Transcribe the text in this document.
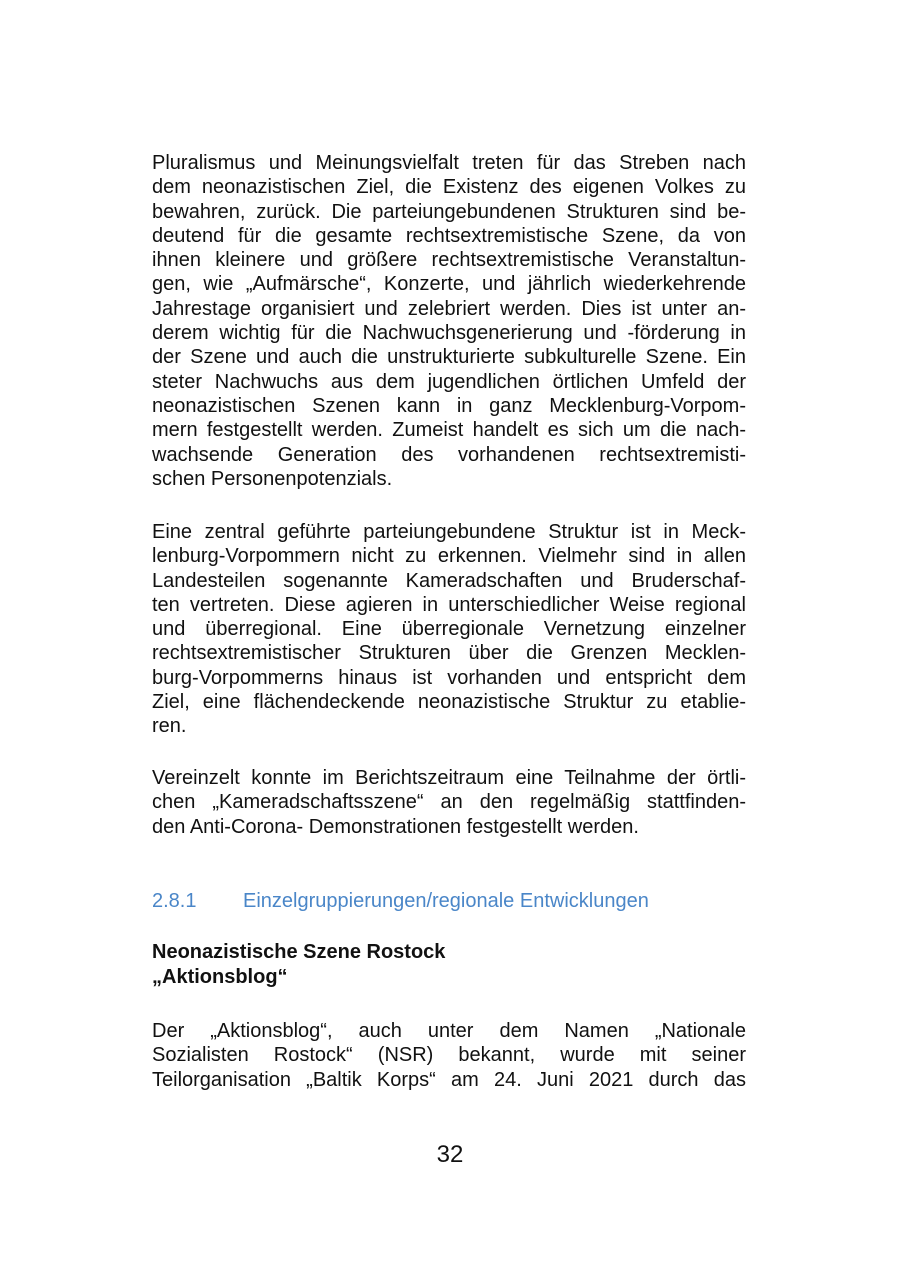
Pluralismus und Meinungsvielfalt treten für das Streben nach
dem neonazistischen Ziel, die Existenz des eigenen Volkes zu
bewahren, zurück. Die parteiungebundenen Strukturen sind be-
deutend für die gesamte rechtsextremistische Szene, da von
ihnen kleinere und größere rechtsextremistische Veranstaltun-
gen, wie „Aufmärsche“, Konzerte, und jährlich wiederkehrende
Jahrestage organisiert und zelebriert werden. Dies ist unter an-
derem wichtig für die Nachwuchsgenerierung und -förderung in
der Szene und auch die unstrukturierte subkulturelle Szene. Ein
steter Nachwuchs aus dem jugendlichen örtlichen Umfeld der
neonazistischen Szenen kann in ganz Mecklenburg-Vorpom-
mern festgestellt werden. Zumeist handelt es sich um die nach-
wachsende Generation des vorhandenen rechtsextremisti-
schen Personenpotenzials.
Eine zentral geführte parteiungebundene Struktur ist in Meck-
lenburg-Vorpommern nicht zu erkennen. Vielmehr sind in allen
Landesteilen sogenannte Kameradschaften und Bruderschaf-
ten vertreten. Diese agieren in unterschiedlicher Weise regional
und überregional. Eine überregionale Vernetzung einzelner
rechtsextremistischer Strukturen über die Grenzen Mecklen-
burg-Vorpommerns hinaus ist vorhanden und entspricht dem
Ziel, eine flächendeckende neonazistische Struktur zu etablie-
ren.
Vereinzelt konnte im Berichtszeitraum eine Teilnahme der örtli-
chen „Kameradschaftsszene“ an den regelmäßig stattfinden-
den Anti-Corona- Demonstrationen festgestellt werden.
2.8.1 Einzelgruppierungen/regionale Entwicklungen
Neonazistische Szene Rostock
„Aktionsblog“
Der „Aktionsblog“, auch unter dem Namen „Nationale
Sozialisten Rostock“ (NSR) bekannt, wurde mit seiner
Teilorganisation „Baltik Korps“ am 24. Juni 2021 durch das
32
